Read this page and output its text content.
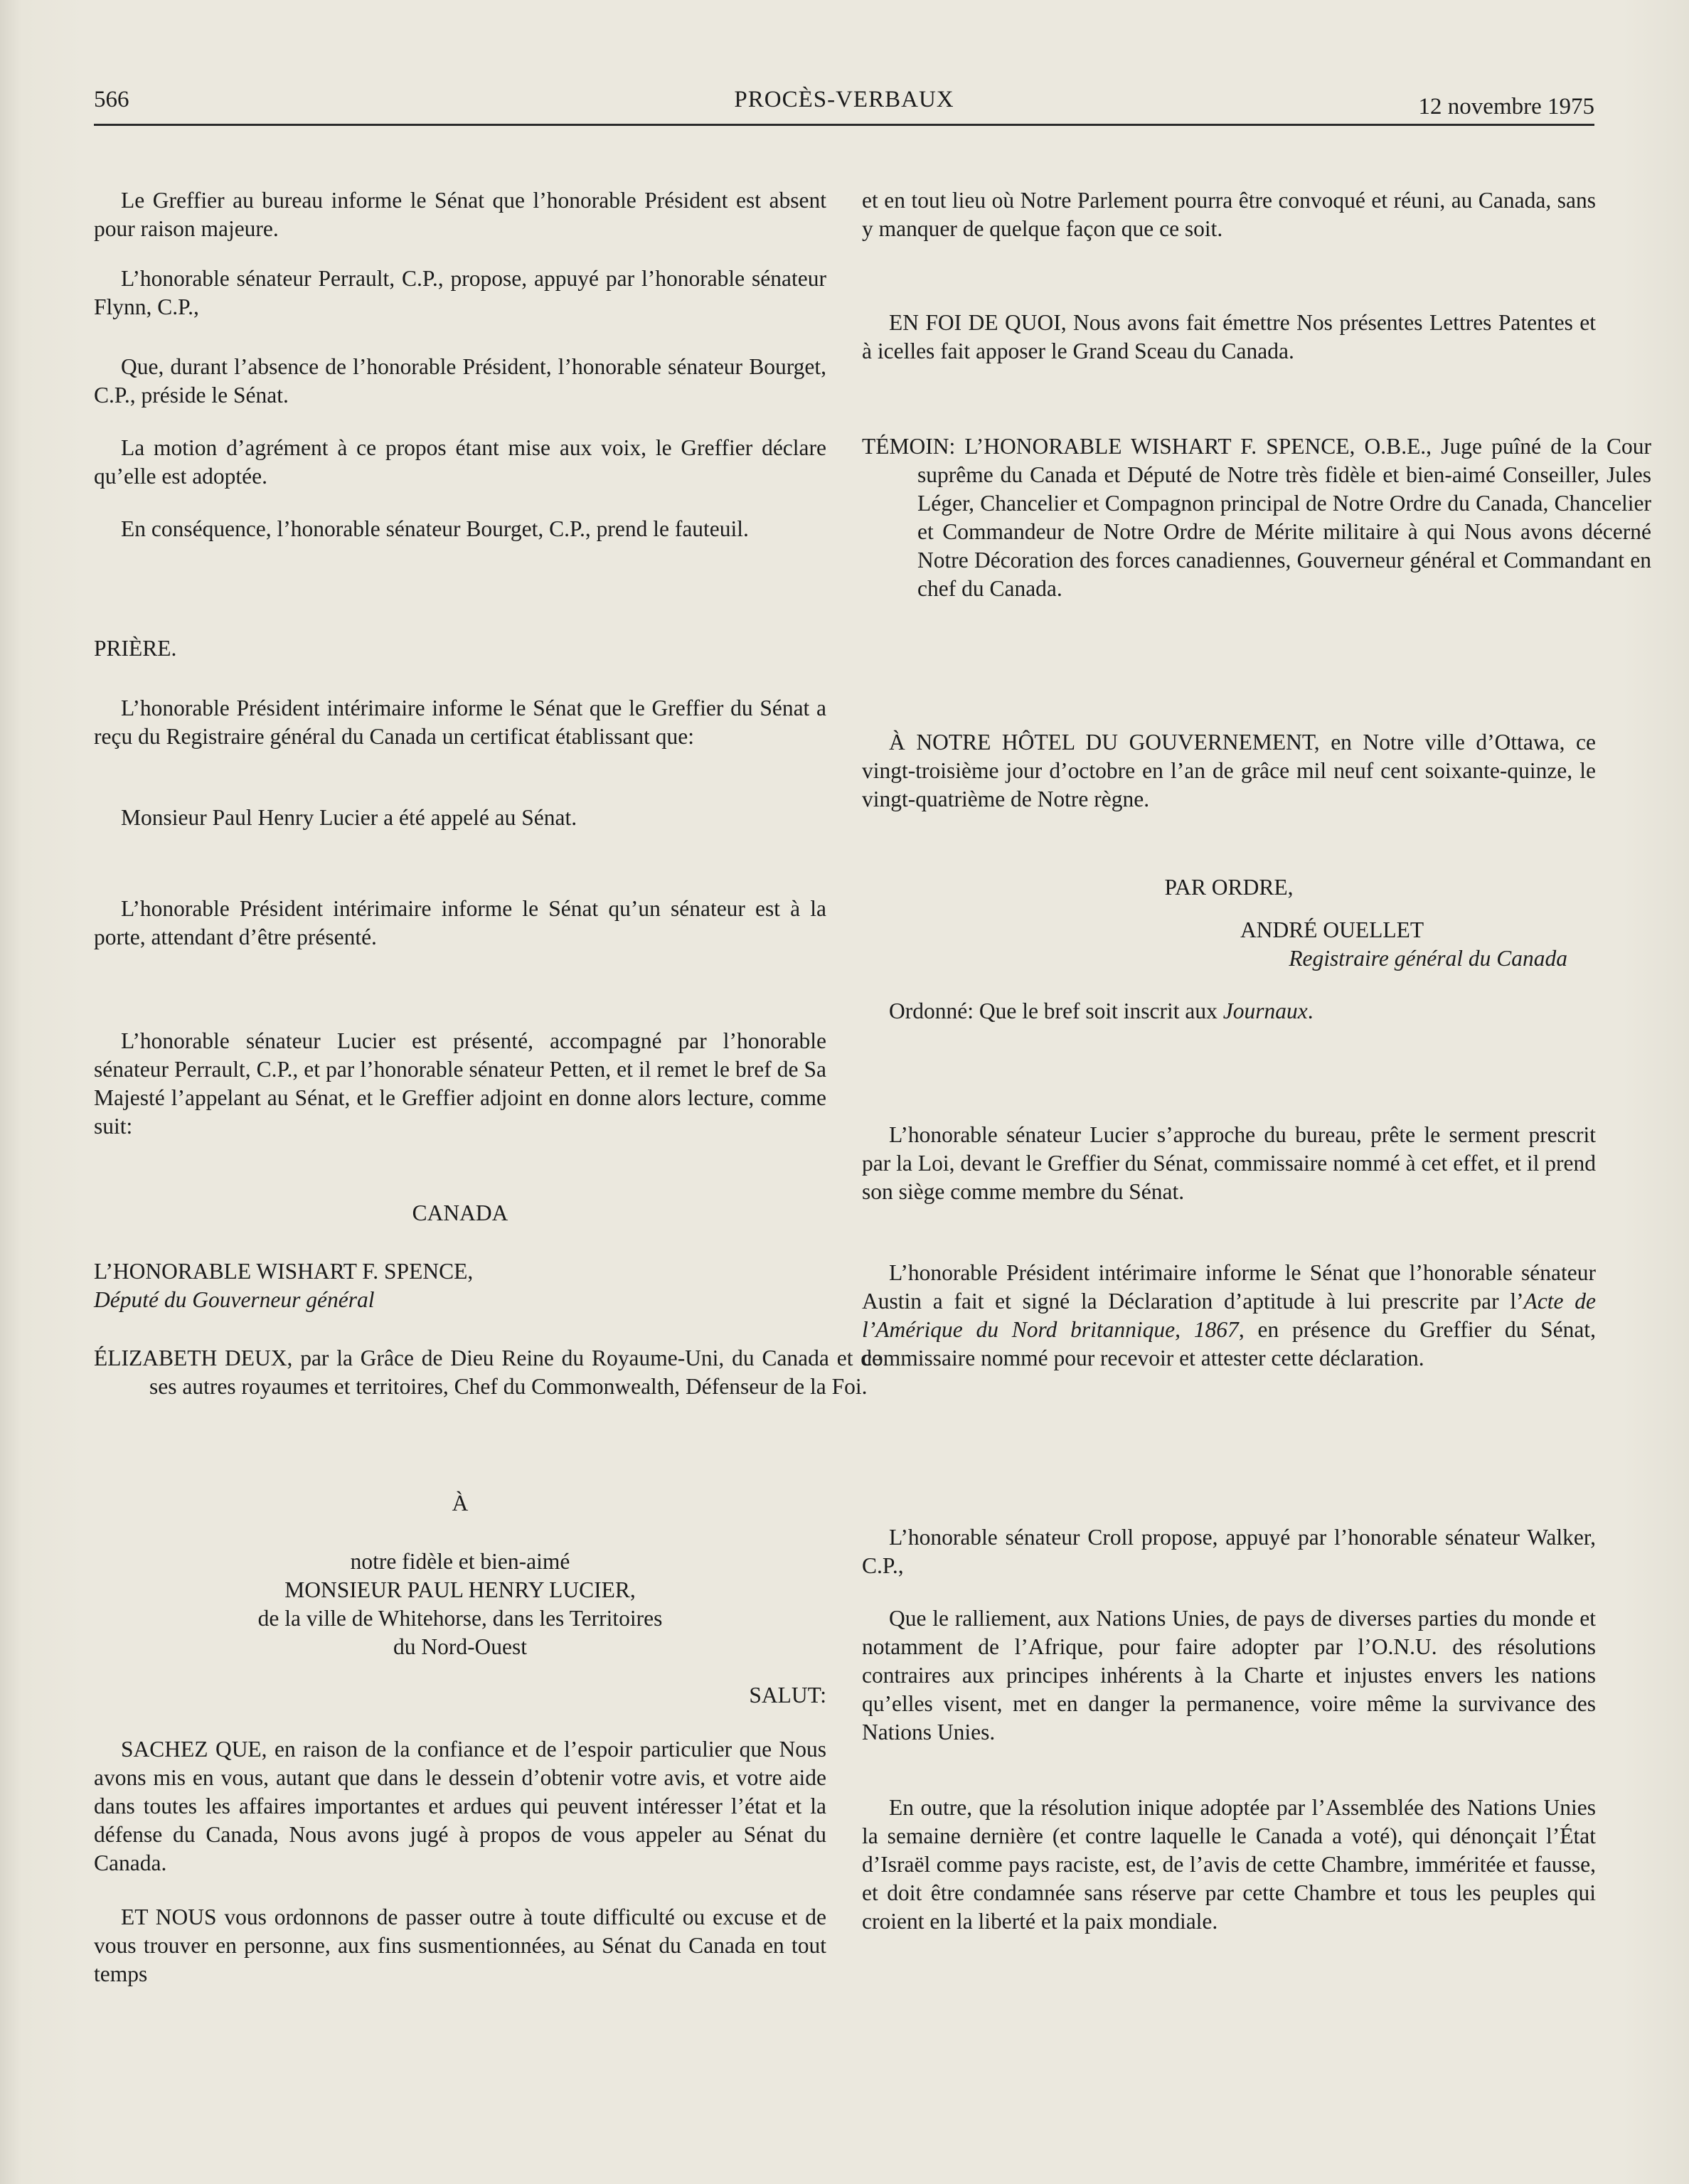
566	PROCÈS-VERBAUX	12 novembre 1975

Le Greffier au bureau informe le Sénat que l’honorable Président est absent pour raison majeure.

L’honorable sénateur Perrault, C.P., propose, appuyé par l’honorable sénateur Flynn, C.P.,

Que, durant l’absence de l’honorable Président, l’honorable sénateur Bourget, C.P., préside le Sénat.

La motion d’agrément à ce propos étant mise aux voix, le Greffier déclare qu’elle est adoptée.

En conséquence, l’honorable sénateur Bourget, C.P., prend le fauteuil.

PRIÈRE.

L’honorable Président intérimaire informe le Sénat que le Greffier du Sénat a reçu du Registraire général du Canada un certificat établissant que:

Monsieur Paul Henry Lucier a été appelé au Sénat.

L’honorable Président intérimaire informe le Sénat qu’un sénateur est à la porte, attendant d’être présenté.

L’honorable sénateur Lucier est présenté, accompagné par l’honorable sénateur Perrault, C.P., et par l’honorable sénateur Petten, et il remet le bref de Sa Majesté l’appelant au Sénat, et le Greffier adjoint en donne alors lecture, comme suit:

CANADA

L’HONORABLE WISHART F. SPENCE,

Député du Gouverneur général

ÉLIZABETH DEUX, par la Grâce de Dieu Reine du Royaume-Uni, du Canada et de ses autres royaumes et territoires, Chef du Commonwealth, Défenseur de la Foi.

À

notre fidèle et bien-aimé

MONSIEUR PAUL HENRY LUCIER,

de la ville de Whitehorse, dans les Territoires

du Nord-Ouest

SALUT:

SACHEZ QUE, en raison de la confiance et de l’espoir particulier que Nous avons mis en vous, autant que dans le dessein d’obtenir votre avis, et votre aide dans toutes les affaires importantes et ardues qui peuvent intéresser l’état et la défense du Canada, Nous avons jugé à propos de vous appeler au Sénat du Canada.

ET NOUS vous ordonnons de passer outre à toute difficulté ou excuse et de vous trouver en personne, aux fins susmentionnées, au Sénat du Canada en tout temps

et en tout lieu où Notre Parlement pourra être convoqué et réuni, au Canada, sans y manquer de quelque façon que ce soit.

EN FOI DE QUOI, Nous avons fait émettre Nos présentes Lettres Patentes et à icelles fait apposer le Grand Sceau du Canada.

TÉMOIN: L’HONORABLE WISHART F. SPENCE, O.B.E., Juge puîné de la Cour suprême du Canada et Député de Notre très fidèle et bien-aimé Conseiller, Jules Léger, Chancelier et Compagnon principal de Notre Ordre du Canada, Chancelier et Commandeur de Notre Ordre de Mérite militaire à qui Nous avons décerné Notre Décoration des forces canadiennes, Gouverneur général et Commandant en chef du Canada.

À NOTRE HÔTEL DU GOUVERNEMENT, en Notre ville d’Ottawa, ce vingt-troisième jour d’octobre en l’an de grâce mil neuf cent soixante-quinze, le vingt-quatrième de Notre règne.

PAR ORDRE,

ANDRÉ OUELLET

Registraire général du Canada

Ordonné: Que le bref soit inscrit aux Journaux.

L’honorable sénateur Lucier s’approche du bureau, prête le serment prescrit par la Loi, devant le Greffier du Sénat, commissaire nommé à cet effet, et il prend son siège comme membre du Sénat.

L’honorable Président intérimaire informe le Sénat que l’honorable sénateur Austin a fait et signé la Déclaration d’aptitude à lui prescrite par l’Acte de l’Amérique du Nord britannique, 1867, en présence du Greffier du Sénat, commissaire nommé pour recevoir et attester cette déclaration.

L’honorable sénateur Croll propose, appuyé par l’honorable sénateur Walker, C.P.,

Que le ralliement, aux Nations Unies, de pays de diverses parties du monde et notamment de l’Afrique, pour faire adopter par l’O.N.U. des résolutions contraires aux principes inhérents à la Charte et injustes envers les nations qu’elles visent, met en danger la permanence, voire même la survivance des Nations Unies.

En outre, que la résolution inique adoptée par l’Assemblée des Nations Unies la semaine dernière (et contre laquelle le Canada a voté), qui dénonçait l’État d’Israël comme pays raciste, est, de l’avis de cette Chambre, imméritée et fausse, et doit être condamnée sans réserve par cette Chambre et tous les peuples qui croient en la liberté et la paix mondiale.
